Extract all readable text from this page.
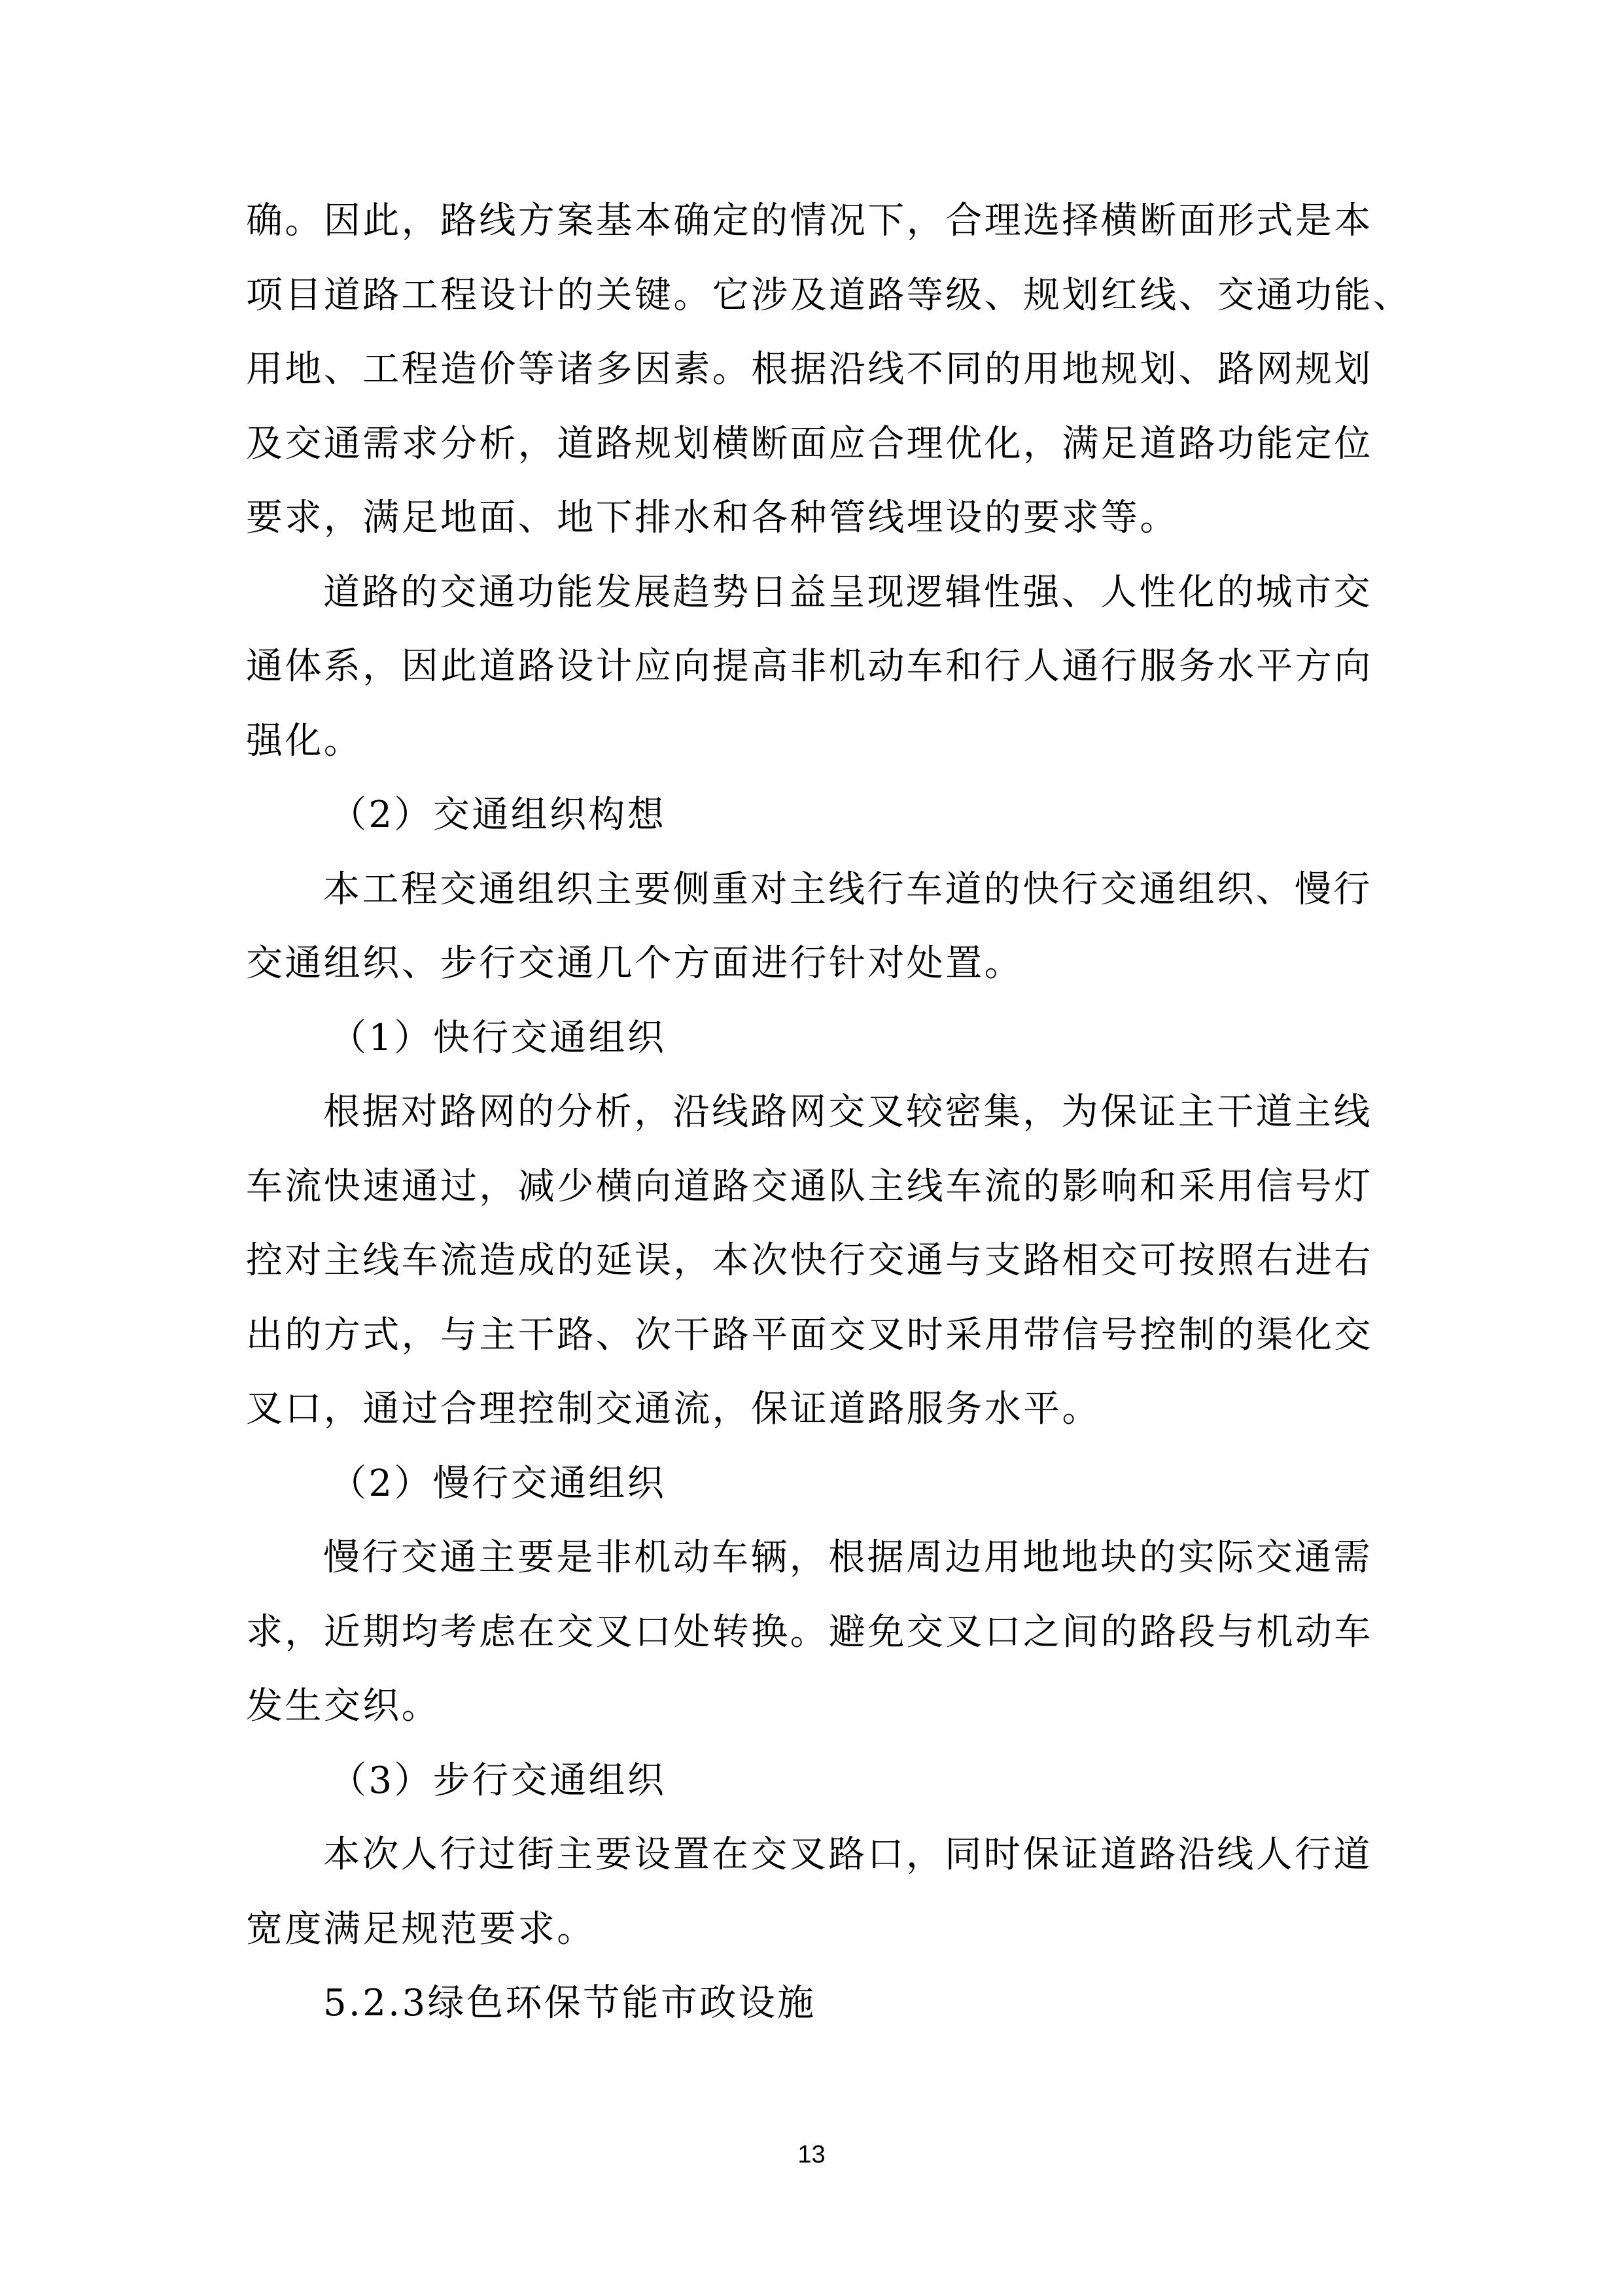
确。因此，路线方案基本确定的情况下，合理选择横断面形式是本
项目道路工程设计的关键。它涉及道路等级、规划红线、交通功能、
用地、工程造价等诸多因素。根据沿线不同的用地规划、路网规划
及交通需求分析，道路规划横断面应合理优化，满足道路功能定位
要求，满足地面、地下排水和各种管线埋设的要求等。
道路的交通功能发展趋势日益呈现逻辑性强、人性化的城市交
通体系，因此道路设计应向提高非机动车和行人通行服务水平方向
强化。
（2）交通组织构想
本工程交通组织主要侧重对主线行车道的快行交通组织、慢行
交通组织、步行交通几个方面进行针对处置。
（1）快行交通组织
根据对路网的分析，沿线路网交叉较密集，为保证主干道主线
车流快速通过，减少横向道路交通队主线车流的影响和采用信号灯
控对主线车流造成的延误，本次快行交通与支路相交可按照右进右
出的方式，与主干路、次干路平面交叉时采用带信号控制的渠化交
叉口，通过合理控制交通流，保证道路服务水平。
（2）慢行交通组织
慢行交通主要是非机动车辆，根据周边用地地块的实际交通需
求，近期均考虑在交叉口处转换。避免交叉口之间的路段与机动车
发生交织。
（3）步行交通组织
本次人行过街主要设置在交叉路口，同时保证道路沿线人行道
宽度满足规范要求。
5.2.3绿色环保节能市政设施
13
